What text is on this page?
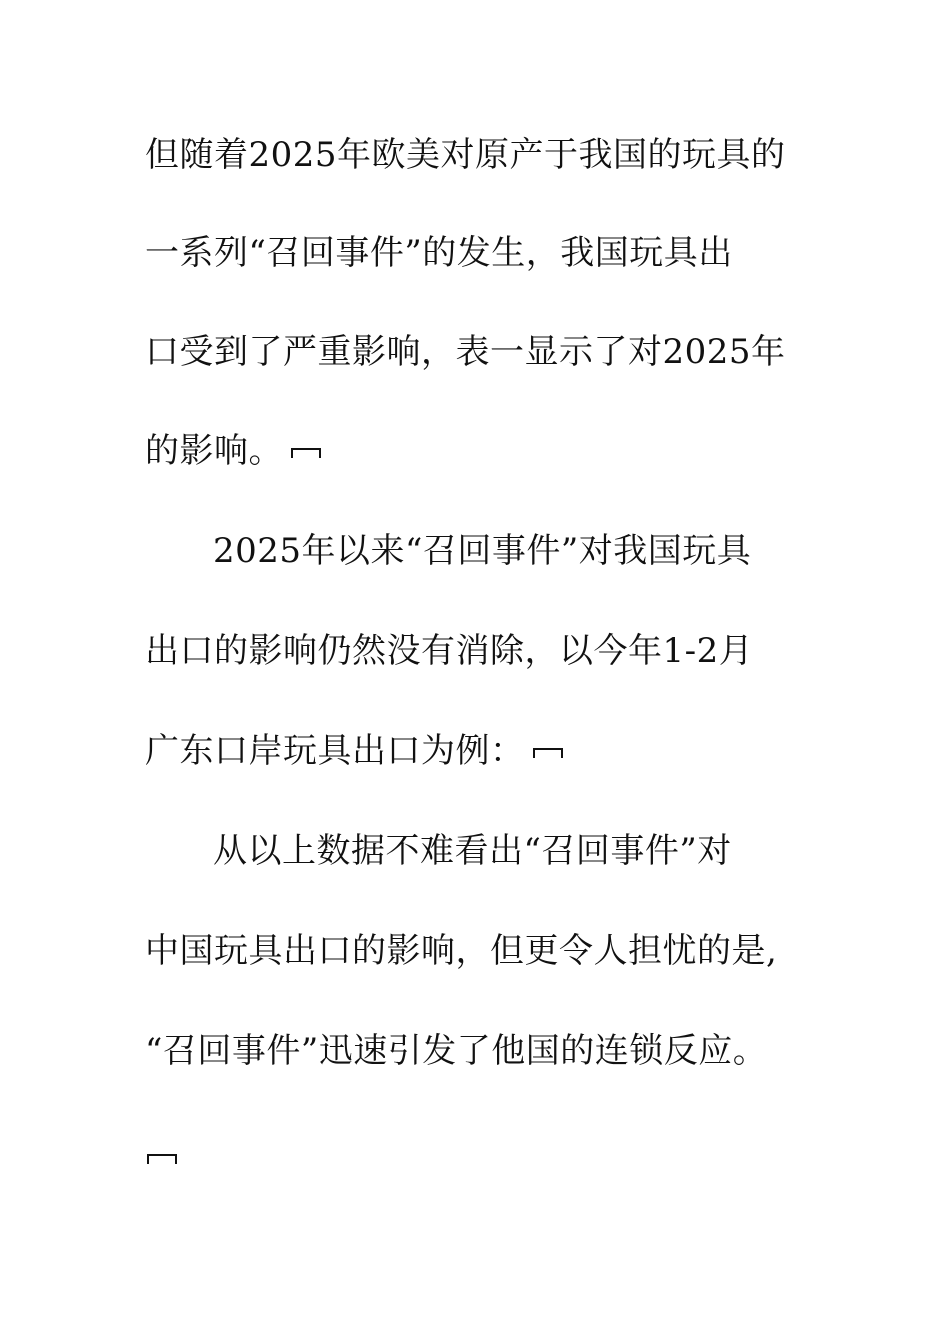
但随着2025年欧美对原产于我国的玩具的
一系列“召回事件”的发生，我国玩具出
口受到了严重影响，表一显示了对2025年
的影响。
2025年以来“召回事件”对我国玩具
出口的影响仍然没有消除，以今年1-2月
广东口岸玩具出口为例：
从以上数据不难看出“召回事件”对
中国玩具出口的影响，但更令人担忧的是,
“召回事件”迅速引发了他国的连锁反应。
